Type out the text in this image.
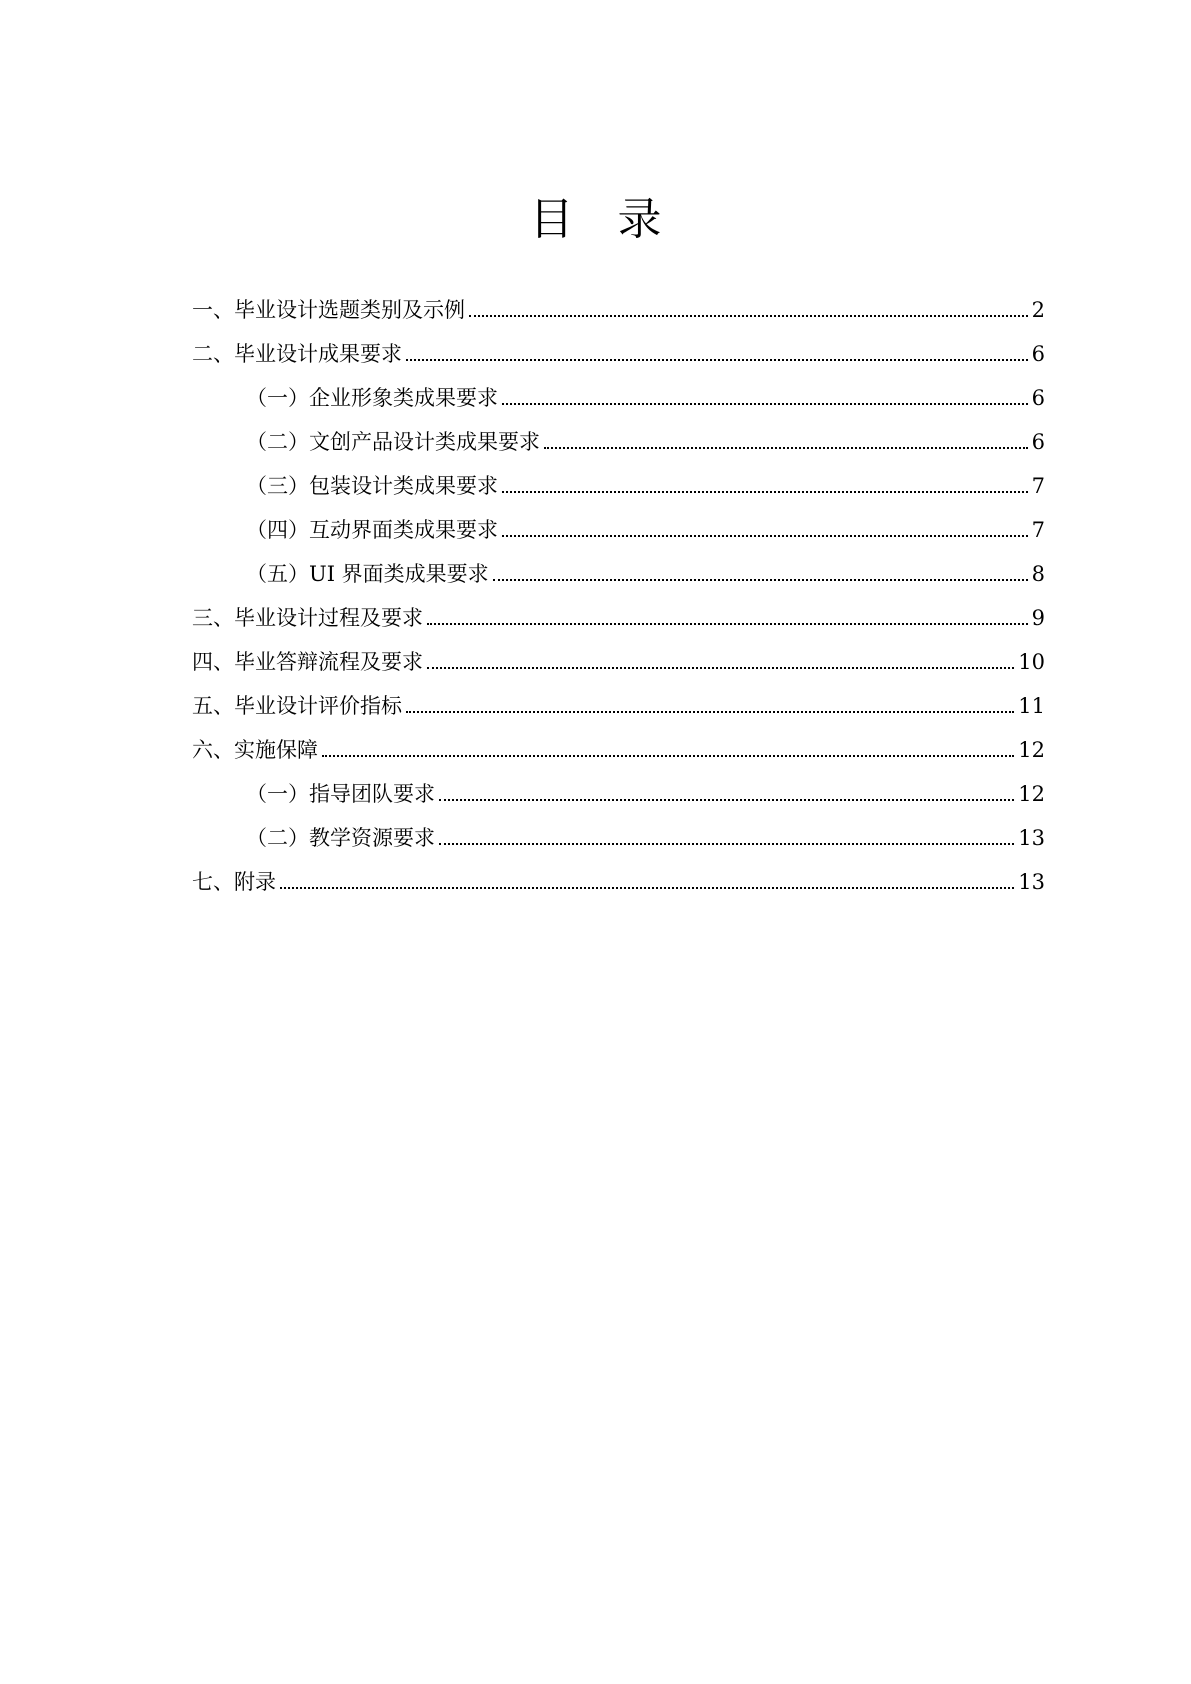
目　录
一、毕业设计选题类别及示例	2
二、毕业设计成果要求	6
（一）企业形象类成果要求	6
（二）文创产品设计类成果要求	6
（三）包装设计类成果要求	7
（四）互动界面类成果要求	7
（五）UI 界面类成果要求	8
三、毕业设计过程及要求	9
四、毕业答辩流程及要求	10
五、毕业设计评价指标	11
六、实施保障	12
（一）指导团队要求	12
（二）教学资源要求	13
七、附录	13
